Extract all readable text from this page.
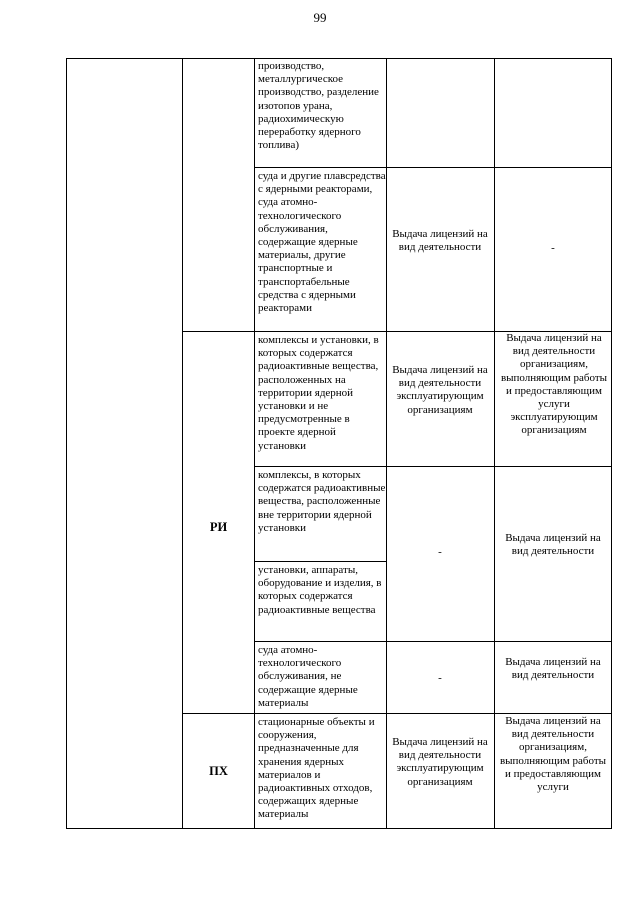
99
производство, металлургическое производство, разделение изотопов урана, радиохимическую переработку ядерного топлива)
суда и другие плавсредства с ядерными реакторами, суда атомно-технологического обслуживания, содержащие ядерные материалы, другие транспортные и транспортабельные средства с ядерными реакторами
Выдача лицензий на вид деятельности	-
комплексы и установки, в которых содержатся радиоактивные вещества, расположенных на территории ядерной установки и не предусмотренные в проекте ядерной установки
Выдача лицензий на вид деятельности эксплуатирующим организациям
Выдача лицензий на вид деятельности организациям, выполняющим работы и предоставляющим услуги эксплуатирующим организациям
РИ
комплексы, в которых содержатся радиоактивные вещества, расположенные вне территории ядерной установки
установки, аппараты, оборудование и изделия, в которых содержатся радиоактивные вещества
-
Выдача лицензий на вид деятельности
суда атомно-технологического обслуживания, не содержащие ядерные материалы
-
Выдача лицензий на вид деятельности
ПХ
стационарные объекты и сооружения, предназначенные для хранения ядерных материалов и радиоактивных отходов, содержащих ядерные материалы
Выдача лицензий на вид деятельности эксплуатирующим организациям
Выдача лицензий на вид деятельности организациям, выполняющим работы и предоставляющим услуги
